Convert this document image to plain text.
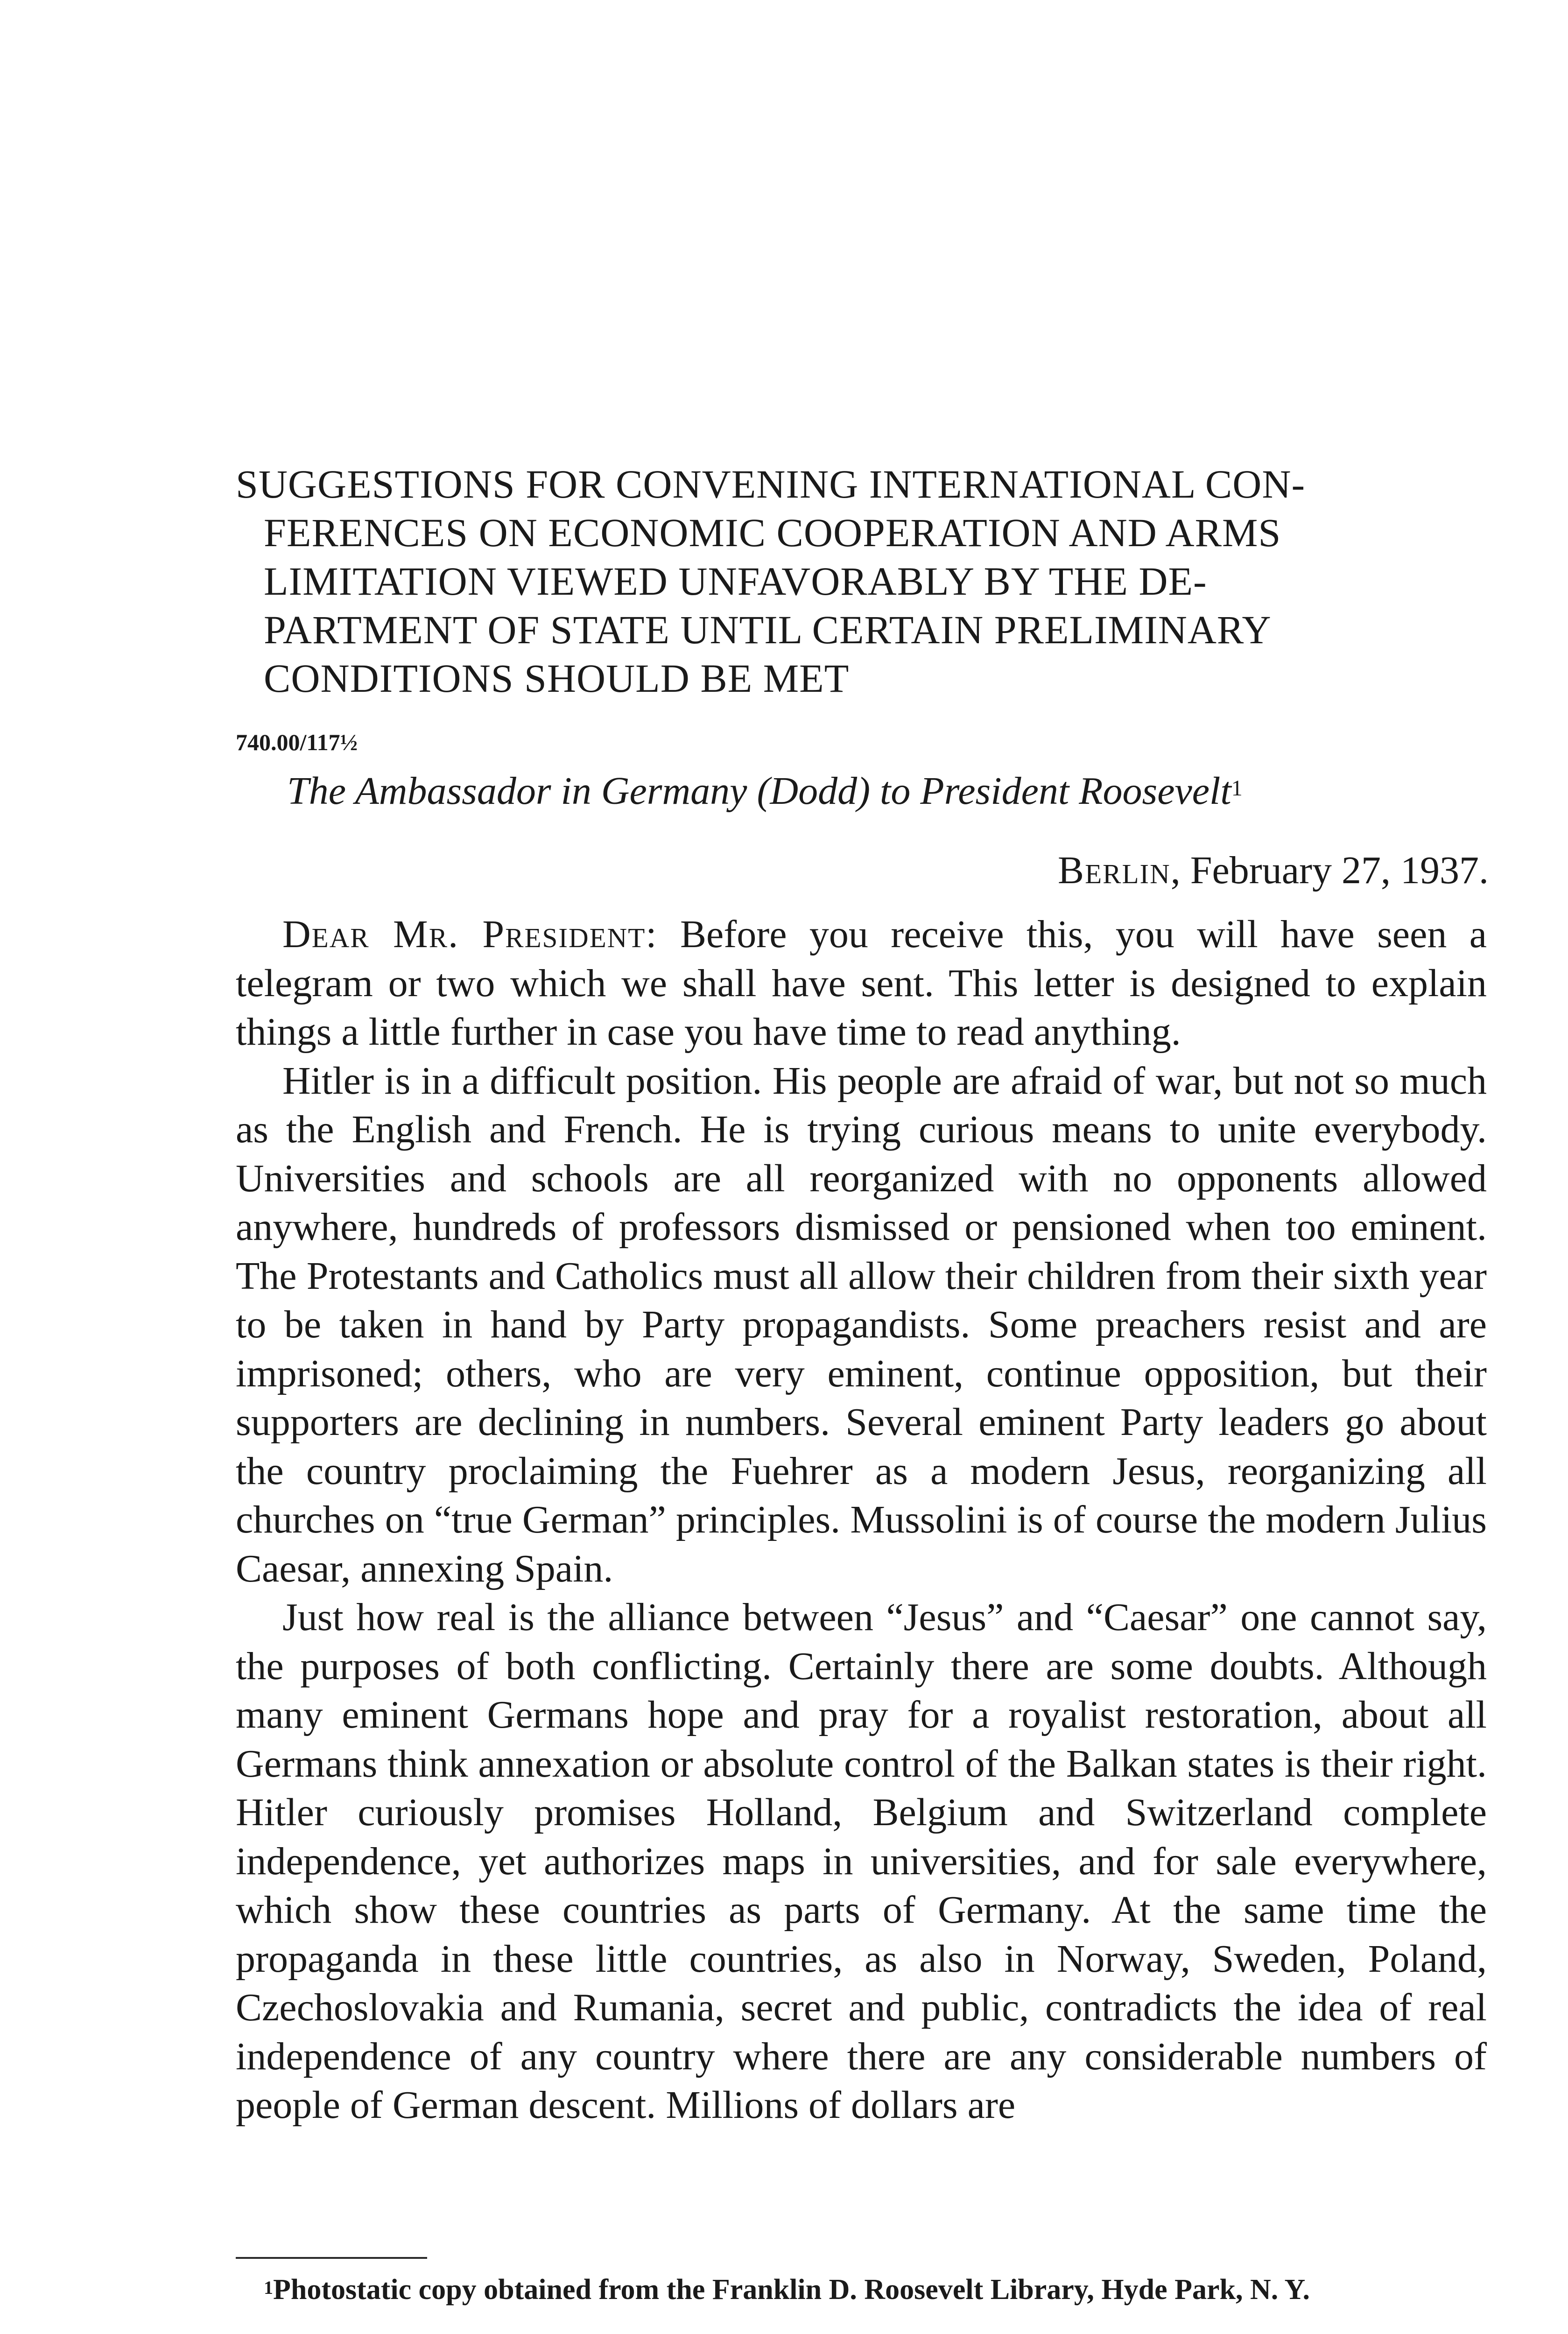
SUGGESTIONS FOR CONVENING INTERNATIONAL CON-
FERENCES ON ECONOMIC COOPERATION AND ARMS
LIMITATION VIEWED UNFAVORABLY BY THE DE-
PARTMENT OF STATE UNTIL CERTAIN PRELIMINARY
CONDITIONS SHOULD BE MET
740.00/117½
The Ambassador in Germany (Dodd) to President Roosevelt$^1$
Berlin, February 27, 1937.

Dear Mr. President: Before you receive this, you will have seen a telegram or two which we shall have sent. This letter is designed to explain things a little further in case you have time to read anything.

Hitler is in a difficult position. His people are afraid of war, but not so much as the English and French. He is trying curious means to unite everybody. Universities and schools are all reorganized with no opponents allowed anywhere, hundreds of professors dismissed or pensioned when too eminent. The Protestants and Catholics must all allow their children from their sixth year to be taken in hand by Party propagandists. Some preachers resist and are imprisoned; others, who are very eminent, continue opposition, but their supporters are declining in numbers. Several eminent Party leaders go about the country proclaiming the Fuehrer as a modern Jesus, reorganizing all churches on “true German” principles. Mussolini is of course the modern Julius Caesar, annexing Spain.

Just how real is the alliance between “Jesus” and “Caesar” one cannot say, the purposes of both conflicting. Certainly there are some doubts. Although many eminent Germans hope and pray for a royalist restoration, about all Germans think annexation or absolute control of the Balkan states is their right. Hitler curiously promises Holland, Belgium and Switzerland complete independence, yet authorizes maps in universities, and for sale everywhere, which show these countries as parts of Germany. At the same time the propaganda in these little countries, as also in Norway, Sweden, Poland, Czechoslovakia and Rumania, secret and public, contradicts the idea of real independence of any country where there are any considerable numbers of people of German descent. Millions of dollars are

$^1$Photostatic copy obtained from the Franklin D. Roosevelt Library, Hyde Park, N. Y.
